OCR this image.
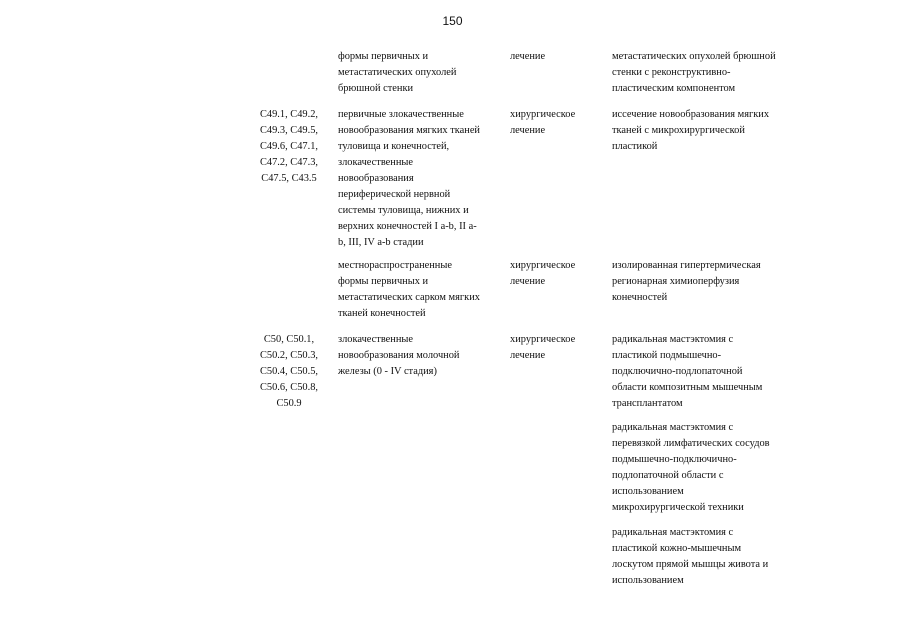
150
формы первичных и
метастатических опухолей
брюшной стенки
лечение	метастатических опухолей брюшной
стенки с реконструктивно-
пластическим компонентом
C49.1, C49.2,
C49.3, C49.5,
C49.6, C47.1,
C47.2, C47.3,
C47.5, C43.5
первичные злокачественные
новообразования мягких тканей
туловища и конечностей,
злокачественные
новообразования
периферической нервной
системы туловища, нижних и
верхних конечностей I a-b, II a-
b, III, IV a-b стадии
хирургическое
лечение
иссечение новообразования мягких
тканей с микрохирургической
пластикой
местнораспространенные
формы первичных и
метастатических сарком мягких
тканей конечностей
хирургическое
лечение
изолированная гипертермическая
регионарная химиоперфузия
конечностей
C50, C50.1,
C50.2, C50.3,
C50.4, C50.5,
C50.6, C50.8,
C50.9
злокачественные
новообразования молочной
железы (0 - IV стадия)
хирургическое
лечение
радикальная мастэктомия с
пластикой подмышечно-
подключично-подлопаточной
области композитным мышечным
трансплантатом
радикальная мастэктомия с
перевязкой лимфатических сосудов
подмышечно-подключично-
подлопаточной области с
использованием
микрохирургической техники
радикальная мастэктомия с
пластикой кожно-мышечным
лоскутом прямой мышцы живота и
использованием
